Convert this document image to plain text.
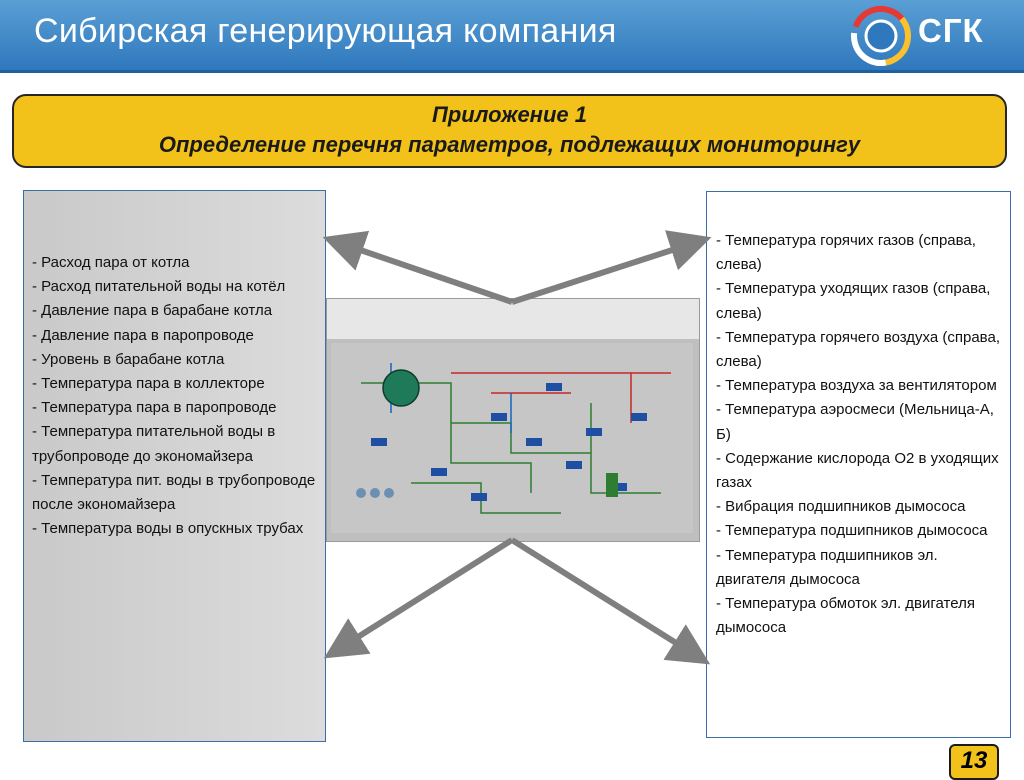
Сибирская генерирующая компания	СГК
Приложение 1
Определение перечня параметров, подлежащих мониторингу
- Расход пара от котла
- Расход питательной воды на котёл
- Давление пара в барабане котла
- Давление пара в паропроводе
- Уровень в барабане котла
- Температура пара в коллекторе
- Температура пара в паропроводе
- Температура питательной воды в трубопроводе до экономайзера
- Температура пит. воды в трубопроводе после экономайзера
- Температура воды в опускных трубах
- Температура горячих газов (справа, слева)
- Температура уходящих газов (справа, слева)
- Температура горячего воздуха (справа, слева)
- Температура воздуха за вентилятором
- Температура аэросмеси (Мельница-А, Б)
- Содержание кислорода О2 в уходящих газах
- Вибрация подшипников дымососа
- Температура подшипников дымососа
- Температура подшипников эл. двигателя дымососа
- Температура обмоток эл. двигателя дымососа
13
